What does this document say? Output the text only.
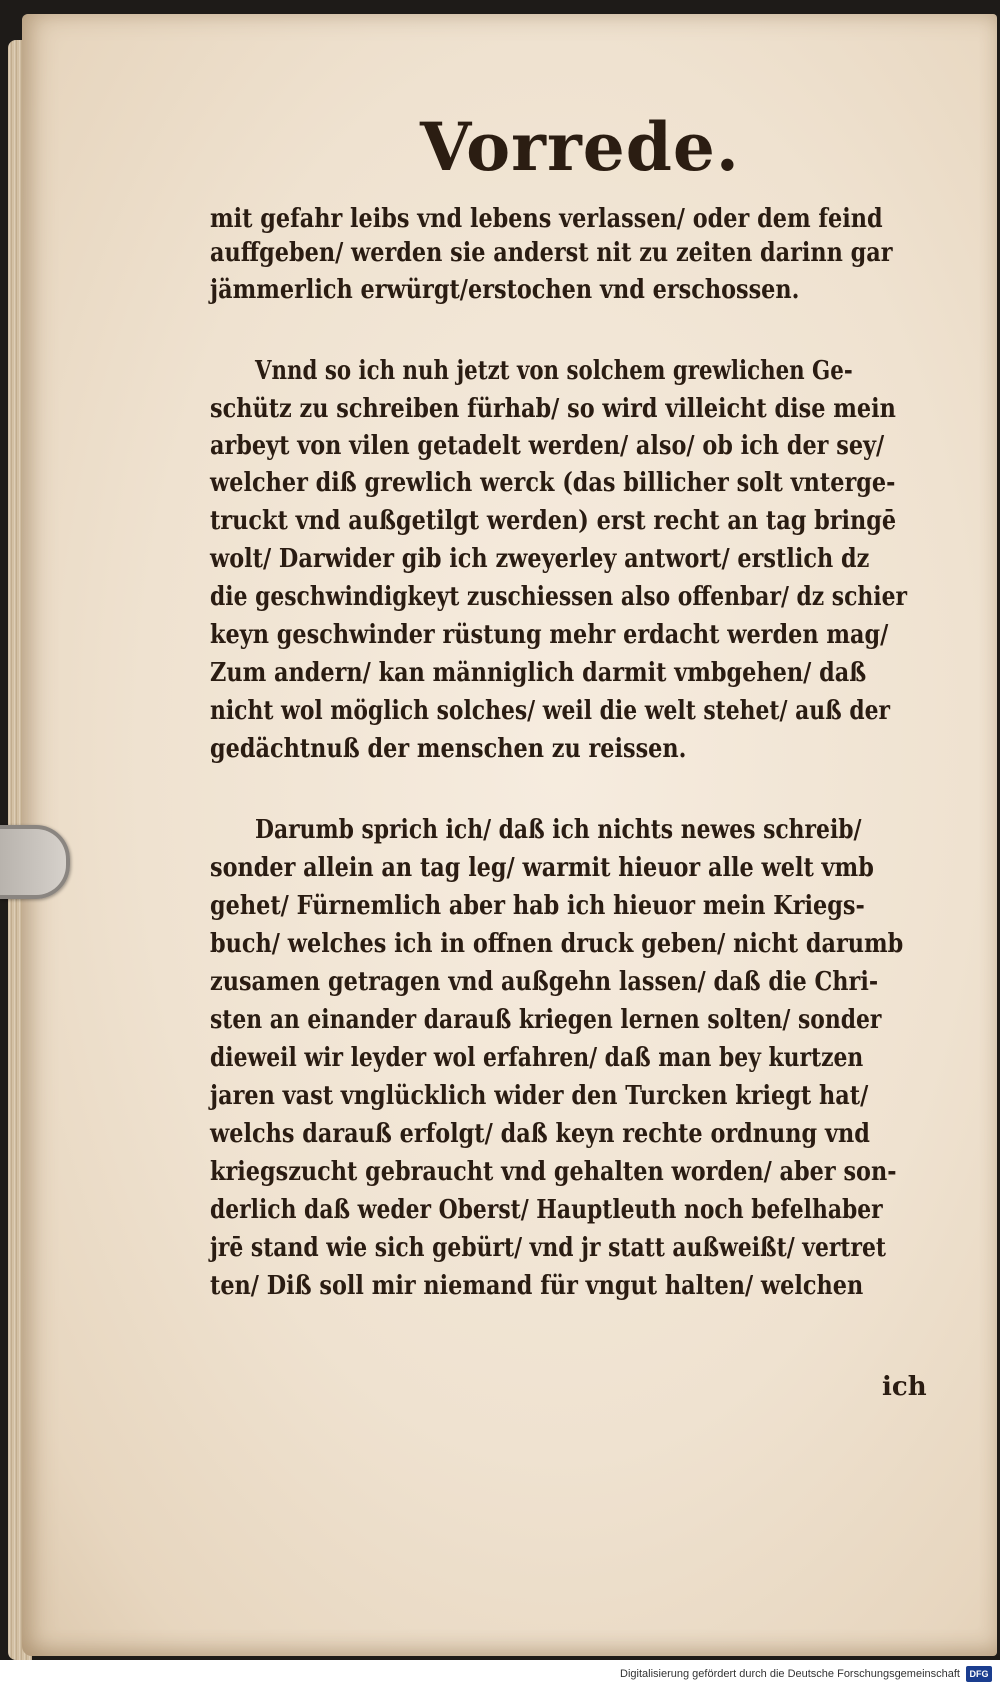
Vorrede.
mit gefahr leibs vnd lebens verlassen/ oder dem feind
auffgeben/ werden sie anderst nit zu zeiten darinn gar
jämmerlich erwürgt/erstochen vnd erschossen.
Vnnd so ich nuh jetzt von solchem grewlichen Ge-
schütz zu schreiben fürhab/ so wird villeicht dise mein
arbeyt von vilen getadelt werden/ also/ ob ich der sey/
welcher diß grewlich werck (das billicher solt vnterge-
truckt vnd außgetilgt werden) erst recht an tag bringē
wolt/ Darwider gib ich zweyerley antwort/ erstlich dz
die geschwindigkeyt zuschiessen also offenbar/ dz schier
keyn geschwinder rüstung mehr erdacht werden mag/
Zum andern/ kan männiglich darmit vmbgehen/ daß
nicht wol möglich solches/ weil die welt stehet/ auß der
gedächtnuß der menschen zu reissen.
Darumb sprich ich/ daß ich nichts newes schreib/
sonder allein an tag leg/ warmit hieuor alle welt vmb
gehet/ Fürnemlich aber hab ich hieuor mein Kriegs-
buch/ welches ich in offnen druck geben/ nicht darumb
zusamen getragen vnd außgehn lassen/ daß die Chri-
sten an einander darauß kriegen lernen solten/ sonder
dieweil wir leyder wol erfahren/ daß man bey kurtzen
jaren vast vnglücklich wider den Turcken kriegt hat/
welchs darauß erfolgt/ daß keyn rechte ordnung vnd
kriegszucht gebraucht vnd gehalten worden/ aber son-
derlich daß weder Oberst/ Hauptleuth noch befelhaber
jrē stand wie sich gebürt/ vnd jr statt außweißt/ vertret
ten/ Diß soll mir niemand für vngut halten/ welchen
ich
Digitalisierung gefördert durch die Deutsche Forschungsgemeinschaft	DFG
